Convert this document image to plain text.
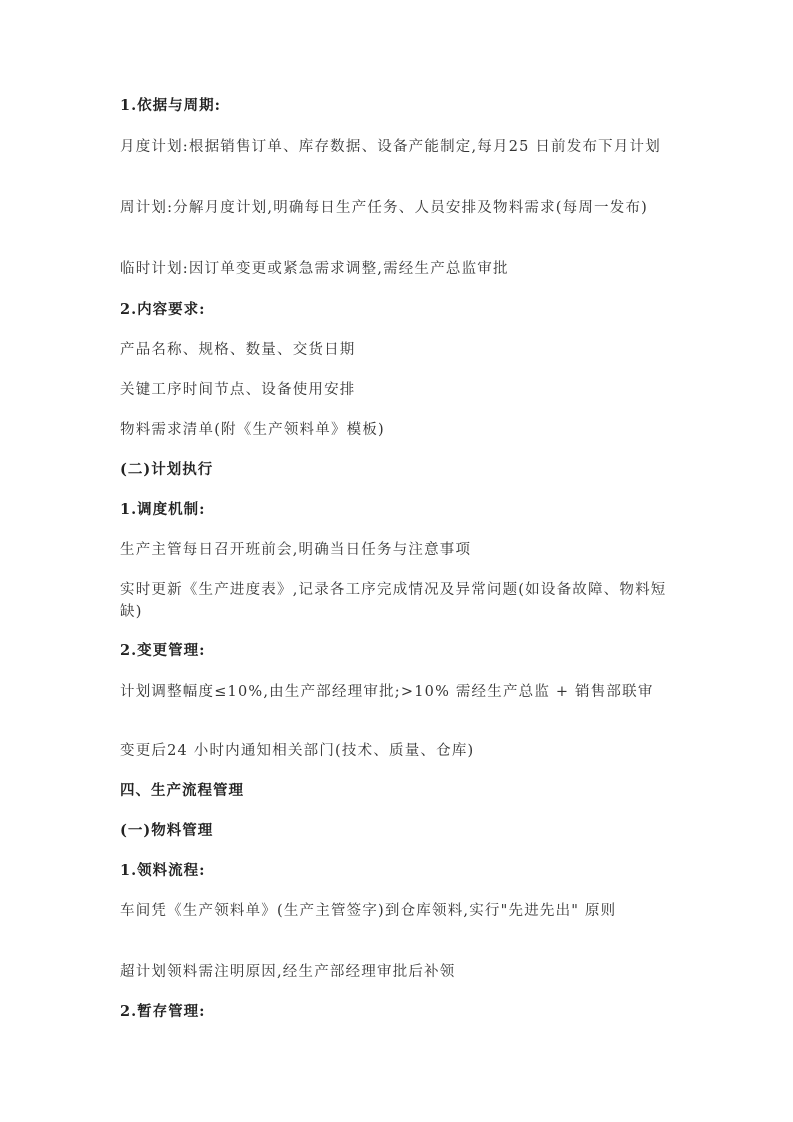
1.依据与周期:
月度计划:根据销售订单、库存数据、设备产能制定,每月25 日前发布下月计划
周计划:分解月度计划,明确每日生产任务、人员安排及物料需求(每周一发布)
临时计划:因订单变更或紧急需求调整,需经生产总监审批
2.内容要求:
产品名称、规格、数量、交货日期
关键工序时间节点、设备使用安排
物料需求清单(附《生产领料单》模板)
(二)计划执行
1.调度机制:
生产主管每日召开班前会,明确当日任务与注意事项
实时更新《生产进度表》,记录各工序完成情况及异常问题(如设备故障、物料短缺)
2.变更管理:
计划调整幅度≤10%,由生产部经理审批;>10% 需经生产总监 + 销售部联审
变更后24 小时内通知相关部门(技术、质量、仓库)
四、生产流程管理
(一)物料管理
1.领料流程:
车间凭《生产领料单》(生产主管签字)到仓库领料,实行"先进先出" 原则
超计划领料需注明原因,经生产部经理审批后补领
2.暂存管理:
